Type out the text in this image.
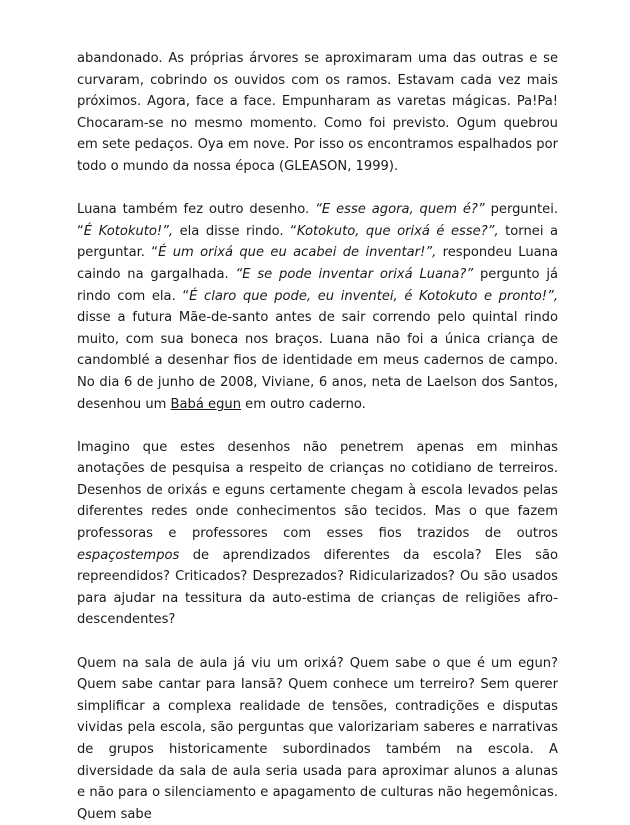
abandonado. As próprias árvores se aproximaram uma das outras e se curvaram, cobrindo os ouvidos com os ramos. Estavam cada vez mais próximos. Agora, face a face. Empunharam as varetas mágicas. Pa!Pa! Chocaram-se no mesmo momento. Como foi previsto. Ogum quebrou em sete pedaços. Oya em nove. Por isso os encontramos espalhados por todo o mundo da nossa época (GLEASON, 1999).

Luana também fez outro desenho. “E esse agora, quem é?” perguntei. “É Kotokuto!”, ela disse rindo. “Kotokuto, que orixá é esse?”, tornei a perguntar. “É um orixá que eu acabei de inventar!”, respondeu Luana caindo na gargalhada. “E se pode inventar orixá Luana?” pergunto já rindo com ela. “É claro que pode, eu inventei, é Kotokuto e pronto!”, disse a futura Mãe-de-santo antes de sair correndo pelo quintal rindo muito, com sua boneca nos braços. Luana não foi a única criança de candomblé a desenhar fios de identidade em meus cadernos de campo. No dia 6 de junho de 2008, Viviane, 6 anos, neta de Laelson dos Santos, desenhou um Babá egun em outro caderno.

Imagino que estes desenhos não penetrem apenas em minhas anotações de pesquisa a respeito de crianças no cotidiano de terreiros. Desenhos de orixás e eguns certamente chegam à escola levados pelas diferentes redes onde conhecimentos são tecidos. Mas o que fazem professoras e professores com esses fios trazidos de outros espaçostempos de aprendizados diferentes da escola? Eles são repreendidos? Criticados? Desprezados? Ridicularizados? Ou são usados para ajudar na tessitura da auto-estima de crianças de religiões afro-descendentes?

Quem na sala de aula já viu um orixá? Quem sabe o que é um egun? Quem sabe cantar para Iansã? Quem conhece um terreiro? Sem querer simplificar a complexa realidade de tensões, contradições e disputas vividas pela escola, são perguntas que valorizariam saberes e narrativas de grupos historicamente subordinados também na escola. A diversidade da sala de aula seria usada para aproximar alunos a alunas e não para o silenciamento e apagamento de culturas não hegemônicas. Quem sabe
